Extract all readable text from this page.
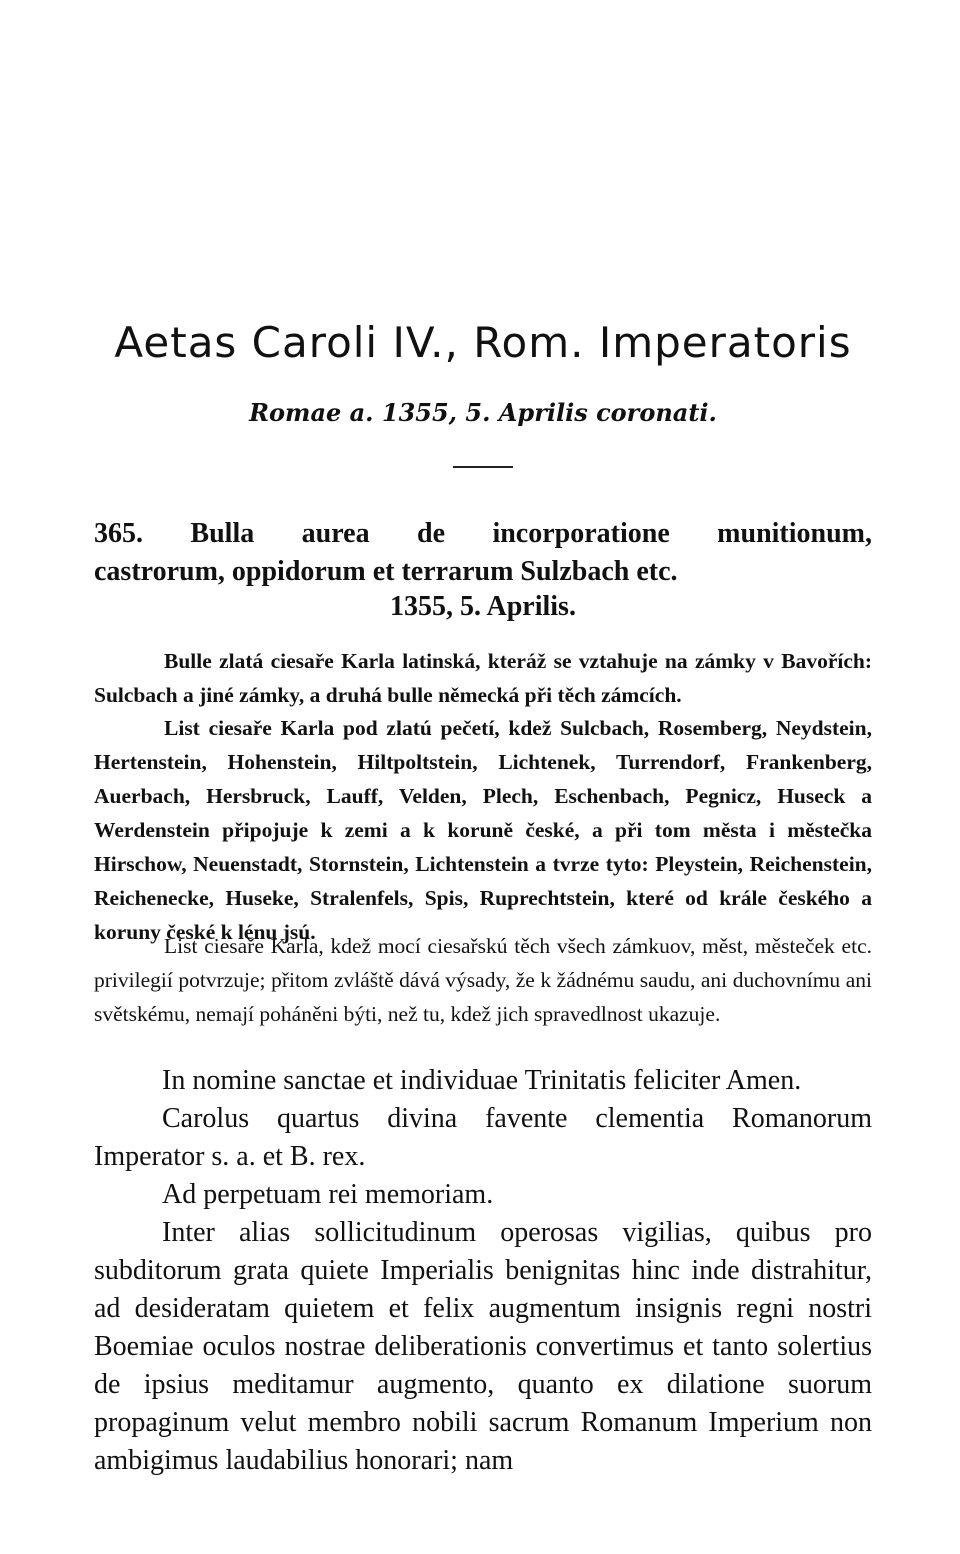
Aetas Caroli IV., Rom. Imperatoris
Romae a. 1355, 5. Aprilis coronati.
365. Bulla aurea de incorporatione munitionum,
castrorum, oppidorum et terrarum Sulzbach etc.
1355, 5. Aprilis.

Bulle zlatá ciesaře Karla latinská, kteráž se vztahuje na zámky v Bavořích: Sulcbach a jiné zámky, a druhá bulle německá při těch zámcích.

List ciesaře Karla pod zlatú pečetí, kdež Sulcbach, Rosemberg, Neydstein, Hertenstein, Hohenstein, Hiltpoltstein, Lichtenek, Turrendorf, Frankenberg, Auerbach, Hersbruck, Lauff, Velden, Plech, Eschenbach, Pegnicz, Huseck a Werdenstein připojuje k zemi a k koruně české, a při tom města i městečka Hirschow, Neuenstadt, Stornstein, Lichtenstein a tvrze tyto: Pleystein, Reichenstein, Reichenecke, Huseke, Stralenfels, Spis, Ruprechtstein, které od krále českého a koruny české k lénu jsú.

List ciesaře Karla, kdež mocí ciesařskú těch všech zámkuov, měst, městeček etc. privilegií potvrzuje; přitom zvláště dává výsady, že k žádnému saudu, ani duchovnímu ani světskému, nemají poháněni býti, než tu, kdež jich spravedlnost ukazuje.

In nomine sanctae et individuae Trinitatis feliciter Amen.

Carolus quartus divina favente clementia Romanorum Imperator s. a. et B. rex.

Ad perpetuam rei memoriam.

Inter alias sollicitudinum operosas vigilias, quibus pro subditorum grata quiete Imperialis benignitas hinc inde distrahitur, ad desideratam quietem et felix augmentum insignis regni nostri Boemiae oculos nostrae deliberationis convertimus et tanto solertius de ipsius meditamur augmento, quanto ex dilatione suorum propaginum velut membro nobili sacrum Romanum Imperium non ambigimus laudabilius honorari; nam
